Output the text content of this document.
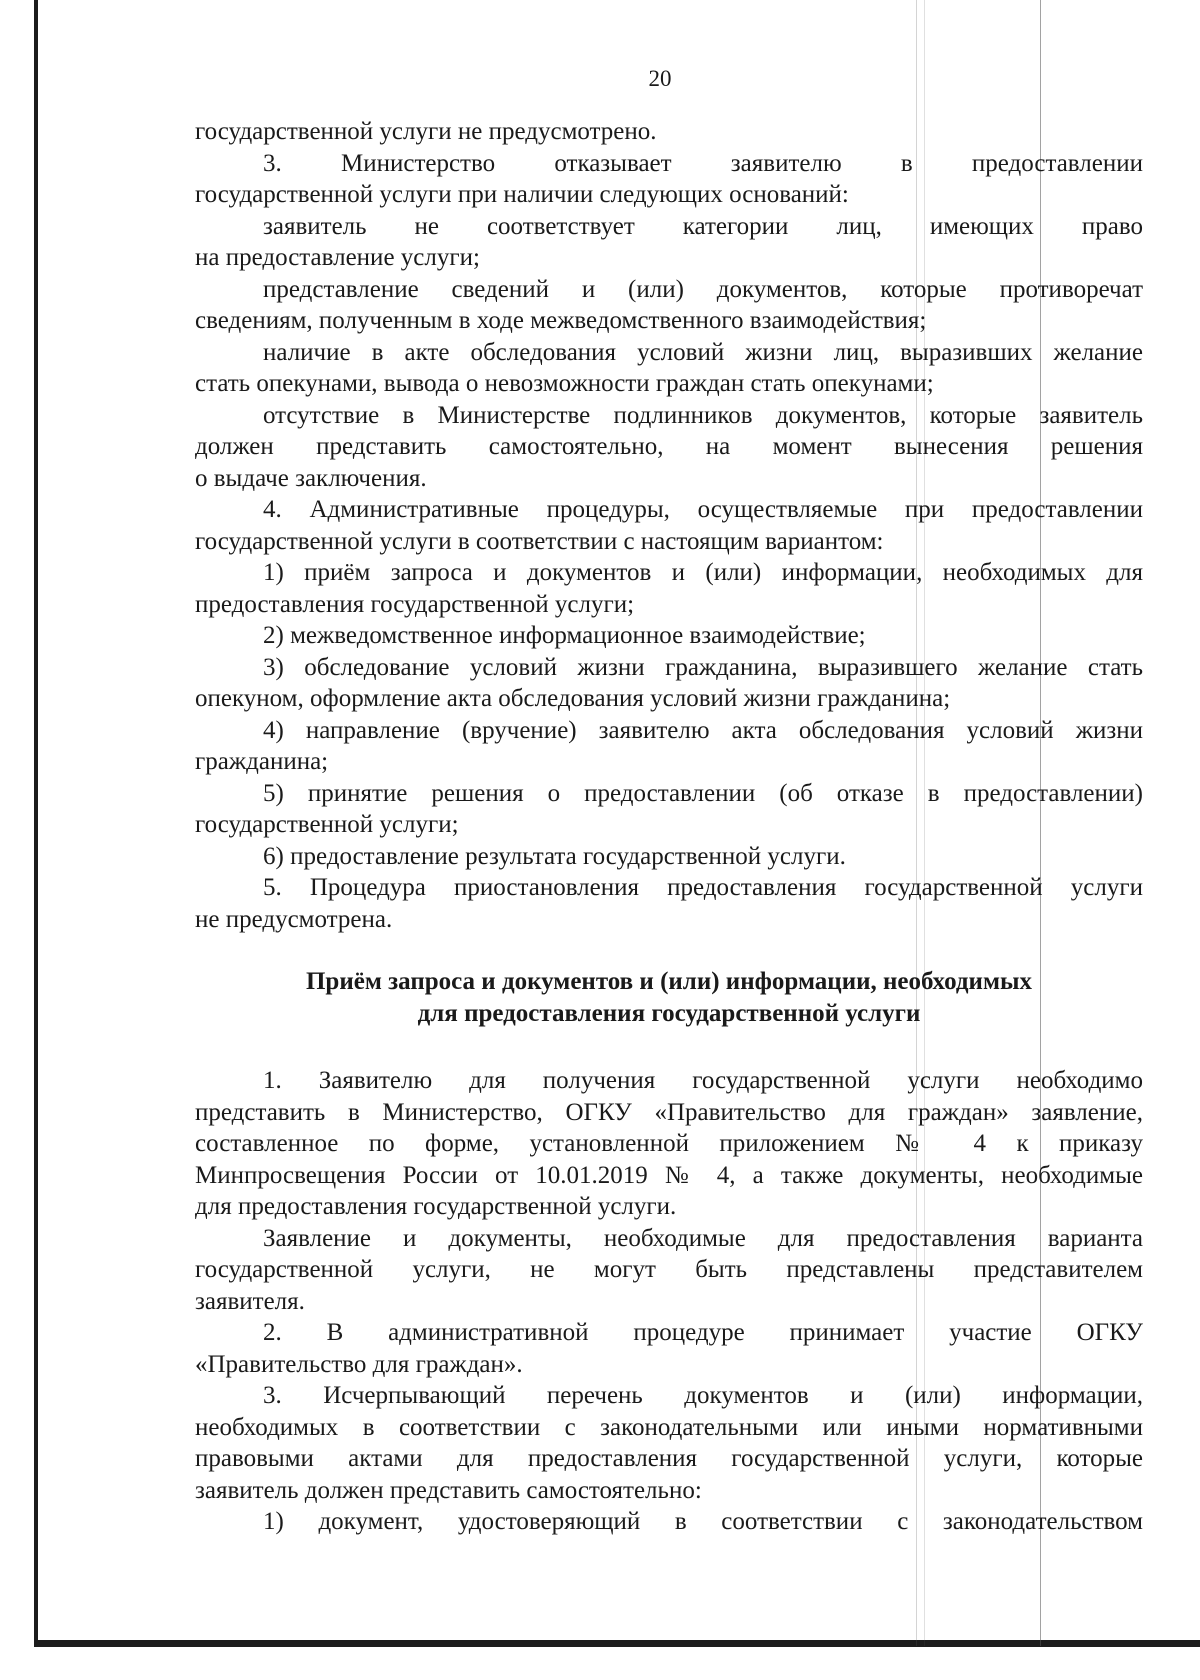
20
государственной услуги не предусмотрено.
3. Министерство отказывает заявителю в предоставлении
государственной услуги при наличии следующих оснований:
заявитель не соответствует категории лиц, имеющих право
на предоставление услуги;
представление сведений и (или) документов, которые противоречат
сведениям, полученным в ходе межведомственного взаимодействия;
наличие в акте обследования условий жизни лиц, выразивших желание
стать опекунами, вывода о невозможности граждан стать опекунами;
отсутствие в Министерстве подлинников документов, которые заявитель
должен представить самостоятельно, на момент вынесения решения
о выдаче заключения.
4. Административные процедуры, осуществляемые при предоставлении
государственной услуги в соответствии с настоящим вариантом:
1) приём запроса и документов и (или) информации, необходимых для
предоставления государственной услуги;
2) межведомственное информационное взаимодействие;
3) обследование условий жизни гражданина, выразившего желание стать
опекуном, оформление акта обследования условий жизни гражданина;
4) направление (вручение) заявителю акта обследования условий жизни
гражданина;
5) принятие решения о предоставлении (об отказе в предоставлении)
государственной услуги;
6) предоставление результата государственной услуги.
5. Процедура приостановления предоставления государственной услуги
не предусмотрена.
Приём запроса и документов и (или) информации, необходимых
для предоставления государственной услуги
1. Заявителю для получения государственной услуги необходимо
представить в Министерство, ОГКУ «Правительство для граждан» заявление,
составленное по форме, установленной приложением № 4 к приказу
Минпросвещения России от 10.01.2019 № 4, а также документы, необходимые
для предоставления государственной услуги.
Заявление и документы, необходимые для предоставления варианта
государственной услуги, не могут быть представлены представителем
заявителя.
2. В административной процедуре принимает участие ОГКУ
«Правительство для граждан».
3. Исчерпывающий перечень документов и (или) информации,
необходимых в соответствии с законодательными или иными нормативными
правовыми актами для предоставления государственной услуги, которые
заявитель должен представить самостоятельно:
1) документ, удостоверяющий в соответствии с законодательством
